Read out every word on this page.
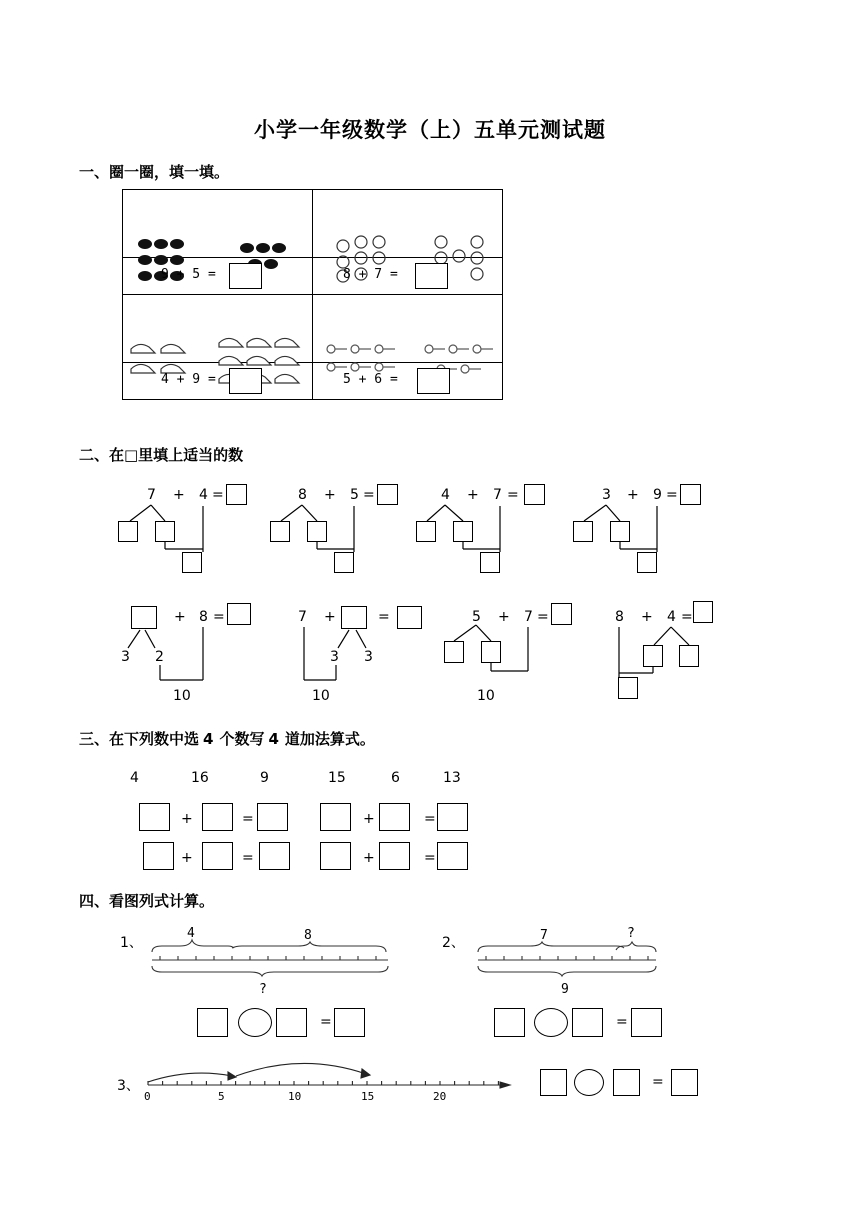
小学一年级数学（上）五单元测试题
一、圈一圈，填一填。

9 + 5 =	8 + 7 =

4 + 9 =	5 + 6 =
二、在□里填上适当的数
7 + 4 =	8 + 5 =	4 + 7 =	3 + 9 =
+ 8 =
3 2
10
7 +	=
3 3
10
5 + 7 =
10
8 + 4 =
三、在下列数中选 4 个数写 4 道加法算式。
4	16	9	15	6	13
+	=	+	=
+	=	+	=
四、看图列式计算。
1、
4	8
?
=
2、	7	?
9
=
3、
0	5	10	15	20
=
